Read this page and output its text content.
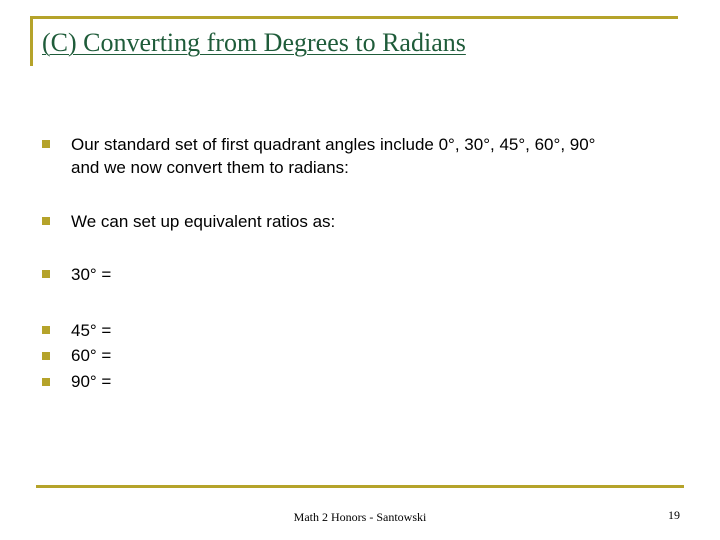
(C) Converting from Degrees to Radians
Our standard set of first quadrant angles include 0°, 30°, 45°, 60°, 90°
and we now convert them to radians:
We can set up equivalent ratios as:
30° =
45° =
60° =
90° =
Math 2 Honors - Santowski	19
